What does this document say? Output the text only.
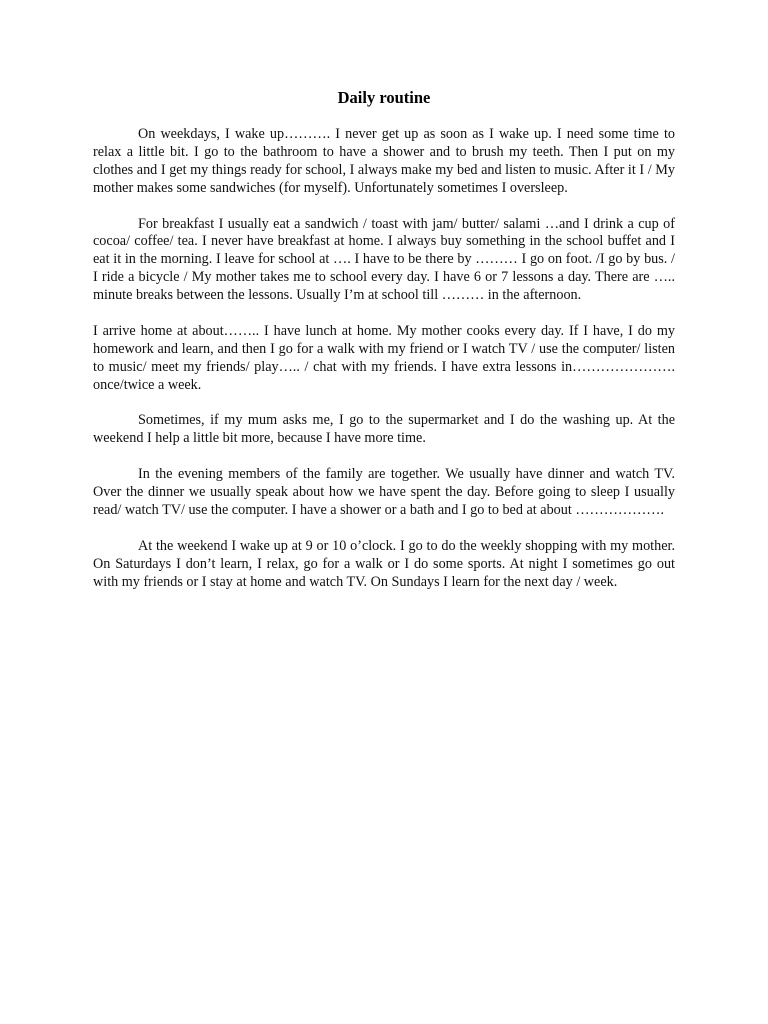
Daily routine

On weekdays, I wake up………. I never get up as soon as I wake up. I need some time to relax a little bit. I go to the bathroom to have a shower and to brush my teeth. Then I put on my clothes and I get my things ready for school, I always make my bed and listen to music. After it I / My mother makes some sandwiches (for myself). Unfortunately sometimes I oversleep.

For breakfast I usually eat a sandwich / toast with jam/ butter/ salami …and I drink a cup of cocoa/ coffee/ tea. I never have breakfast at home. I always buy something in the school buffet and I eat it in the morning. I leave for school at …. I have to be there by ……… I go on foot. /I go by bus. / I ride a bicycle / My mother takes me to school every day. I have 6 or 7 lessons a day. There are ….. minute breaks between the lessons. Usually I’m at school till ……… in the afternoon.

I arrive home at about…….. I have lunch at home. My mother cooks every day. If I have, I do my homework and learn, and then I go for a walk with my friend or I watch TV / use the computer/ listen to music/ meet my friends/ play….. / chat with my friends. I have extra lessons in…………………. once/twice a week.

Sometimes, if my mum asks me, I go to the supermarket and I do the washing up. At the weekend I help a little bit more, because I have more time.

In the evening members of the family are together. We usually have dinner and watch TV. Over the dinner we usually speak about how we have spent the day. Before going to sleep I usually read/ watch TV/ use the computer. I have a shower or a bath and I go to bed at about ……………….

At the weekend I wake up at 9 or 10 o’clock. I go to do the weekly shopping with my mother. On Saturdays I don’t learn, I relax, go for a walk or I do some sports. At night I sometimes go out with my friends or I stay at home and watch TV. On Sundays I learn for the next day / week.
